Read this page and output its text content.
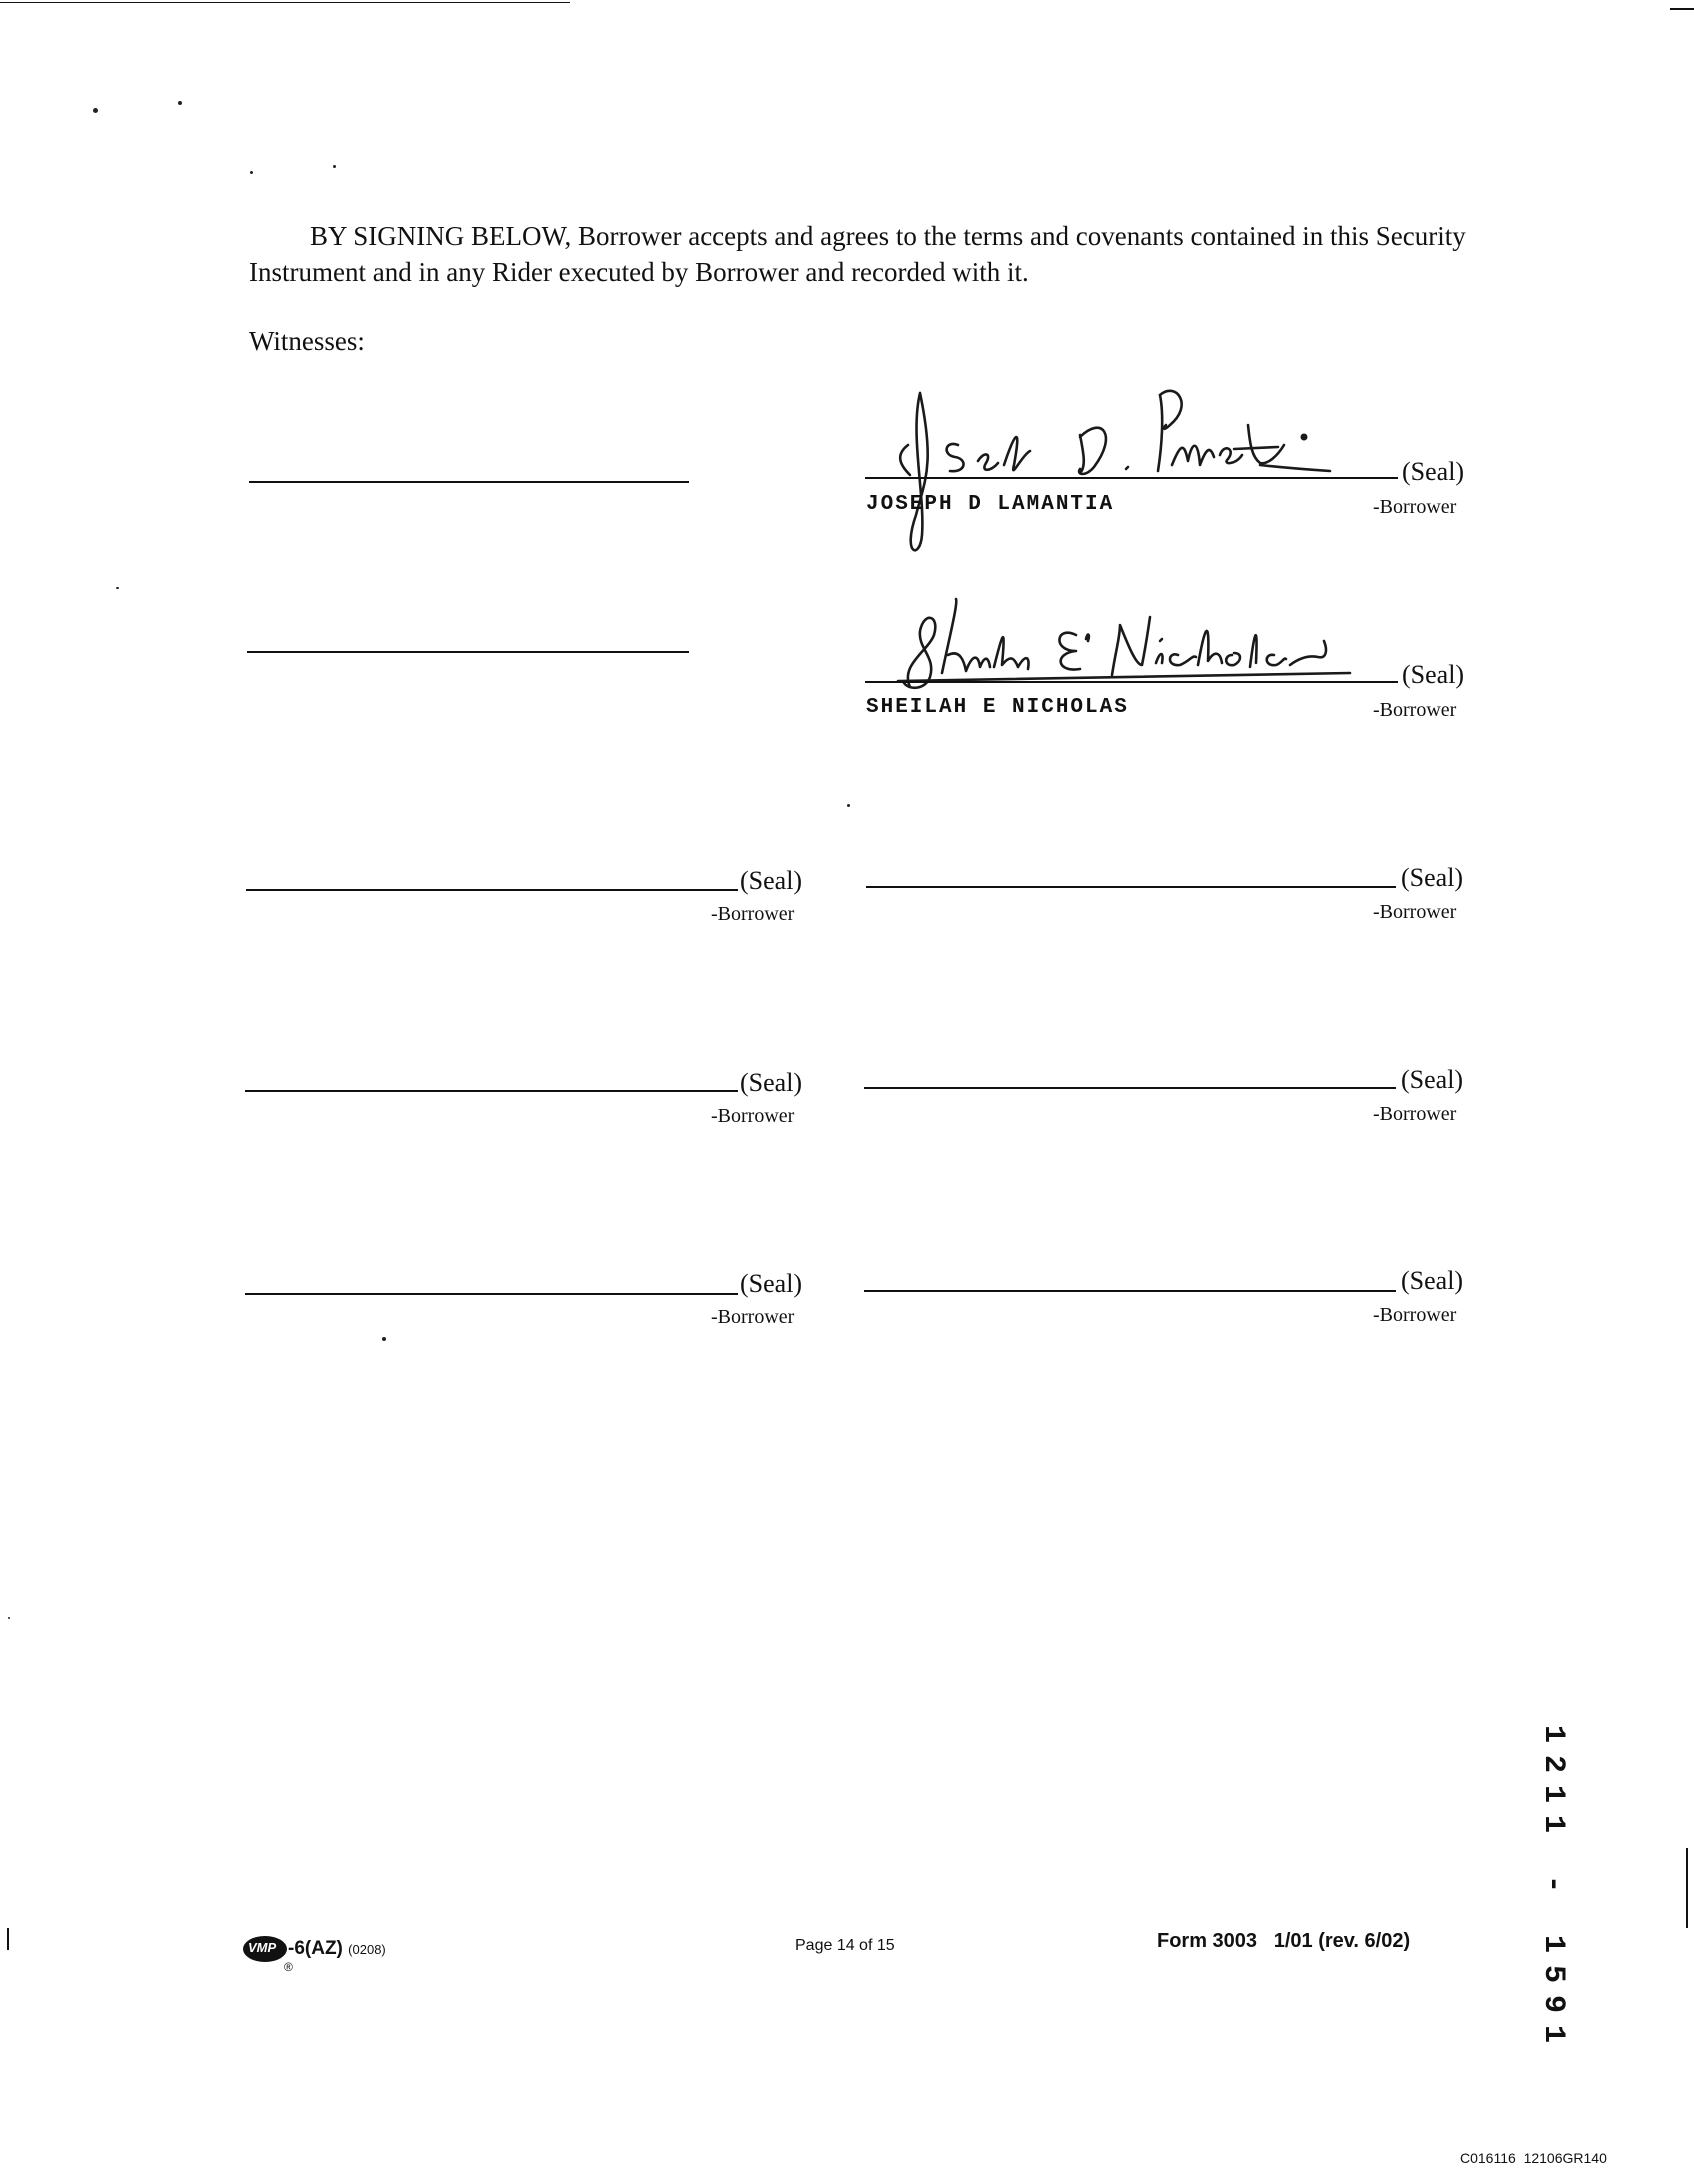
BY SIGNING BELOW, Borrower accepts and agrees to the terms and covenants contained in this Security Instrument and in any Rider executed by Borrower and recorded with it.
Witnesses:
(Seal)
JOSEPH D LAMANTIA	-Borrower
(Seal)
SHEILAH E NICHOLAS	-Borrower
(Seal)
-Borrower
(Seal)
-Borrower
(Seal)
-Borrower
(Seal)
-Borrower
(Seal)
-Borrower
(Seal)
-Borrower
1211 - 1591
VMP
®
-6(AZ) (0208)	Page 14 of 15	Form 3003   1/01 (rev. 6/02)
C016116  12106GR140
